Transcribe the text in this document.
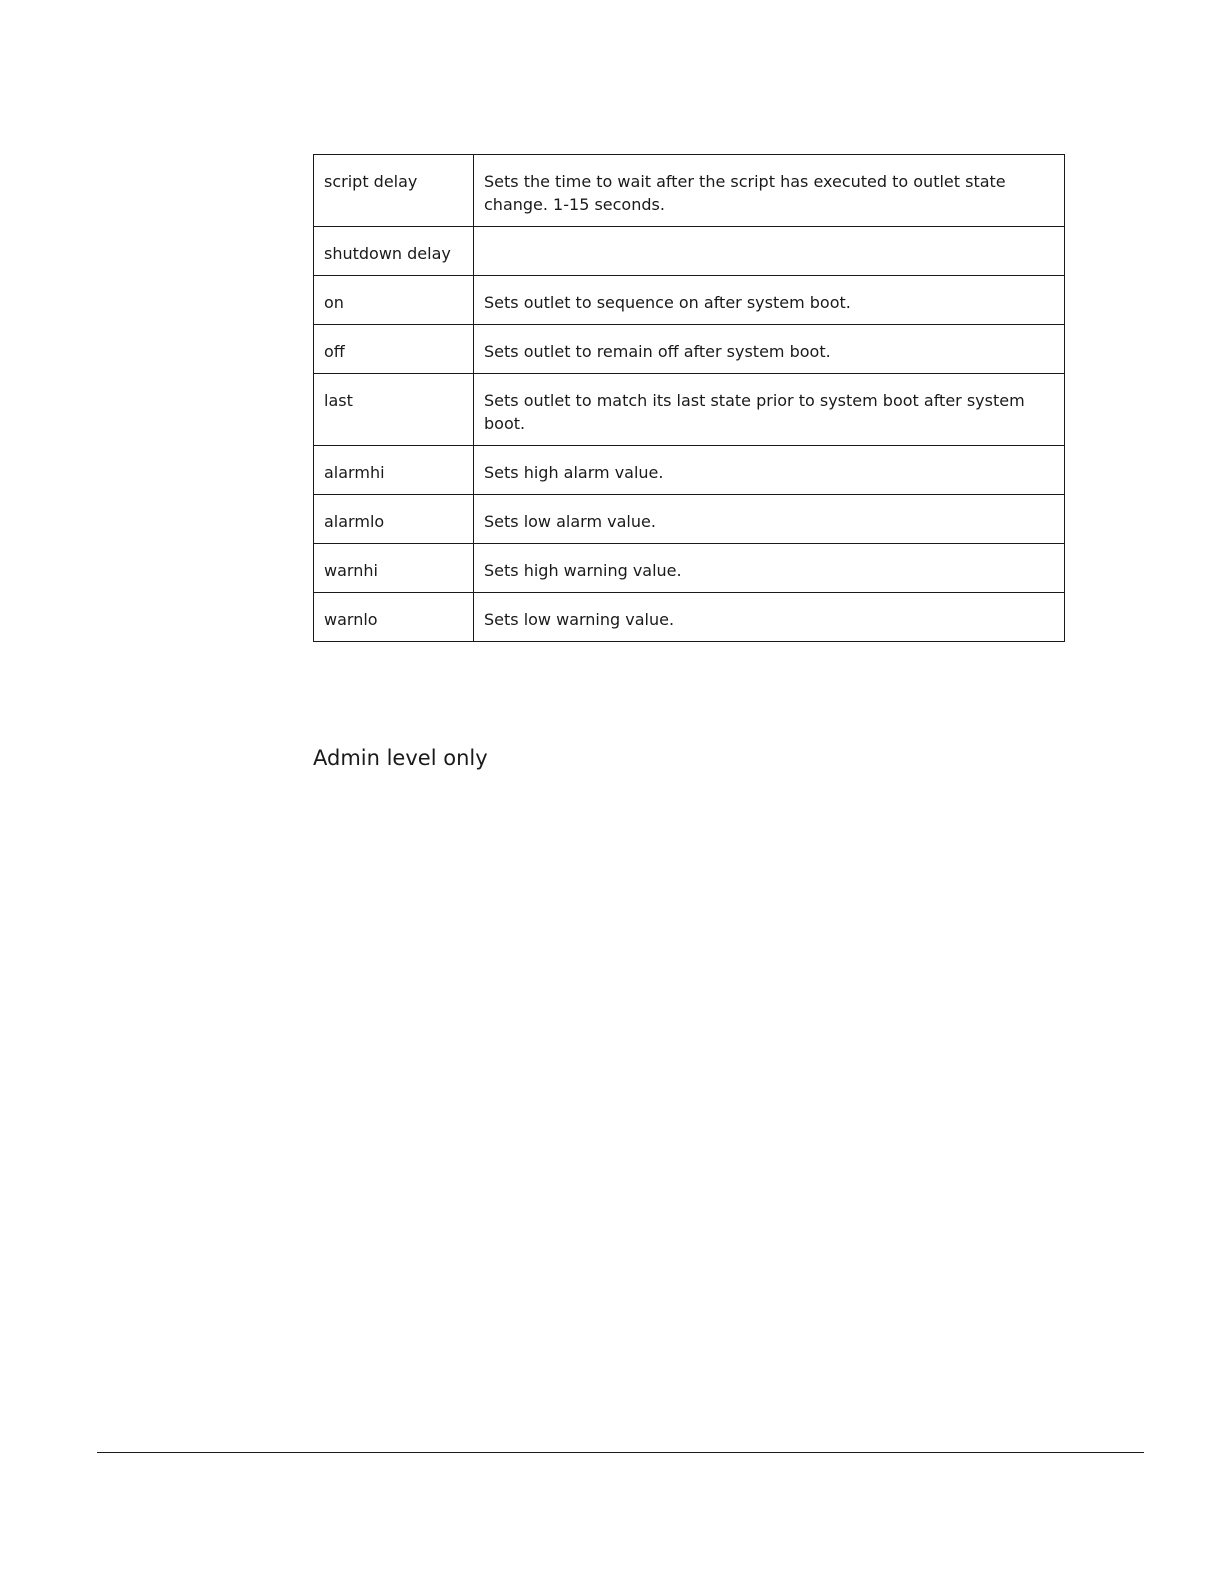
script delay	Sets the time to wait after the script has executed to outlet state change. 1-15 seconds.
shutdown delay	
on	Sets outlet to sequence on after system boot.
off	Sets outlet to remain off after system boot.
last	Sets outlet to match its last state prior to system boot after system boot.
alarmhi	Sets high alarm value.
alarmlo	Sets low alarm value.
warnhi	Sets high warning value.
warnlo	Sets low warning value.

Admin level only
